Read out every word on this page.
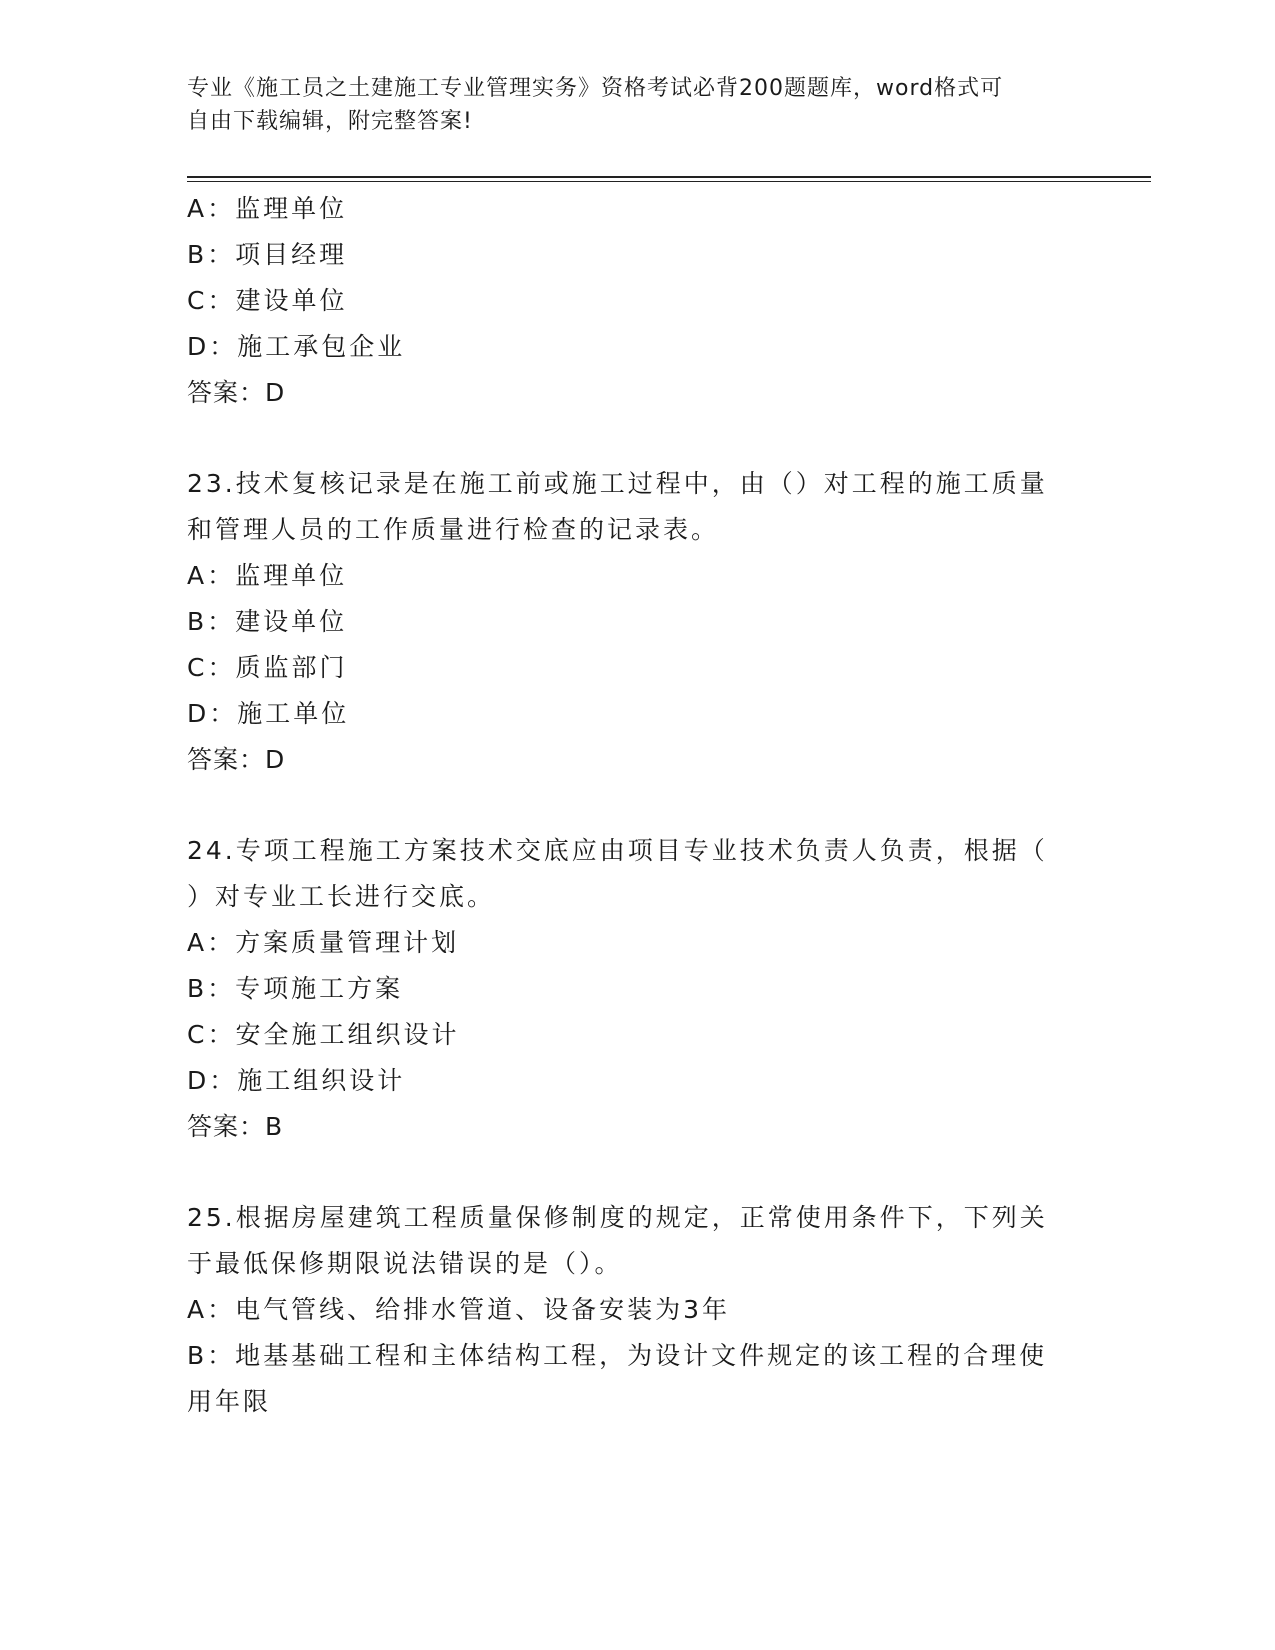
专业《施工员之土建施工专业管理实务》资格考试必背200题题库，word格式可
自由下载编辑，附完整答案!
A：监理单位
B：项目经理
C：建设单位
D：施工承包企业
答案：D
23.技术复核记录是在施工前或施工过程中，由（）对工程的施工质量
和管理人员的工作质量进行检查的记录表。
A：监理单位
B：建设单位
C：质监部门
D：施工单位
答案：D
24.专项工程施工方案技术交底应由项目专业技术负责人负责，根据（
）对专业工长进行交底。
A：方案质量管理计划
B：专项施工方案
C：安全施工组织设计
D：施工组织设计
答案：B
25.根据房屋建筑工程质量保修制度的规定，正常使用条件下，下列关
于最低保修期限说法错误的是（）。
A：电气管线、给排水管道、设备安装为3年
B：地基基础工程和主体结构工程，为设计文件规定的该工程的合理使
用年限
